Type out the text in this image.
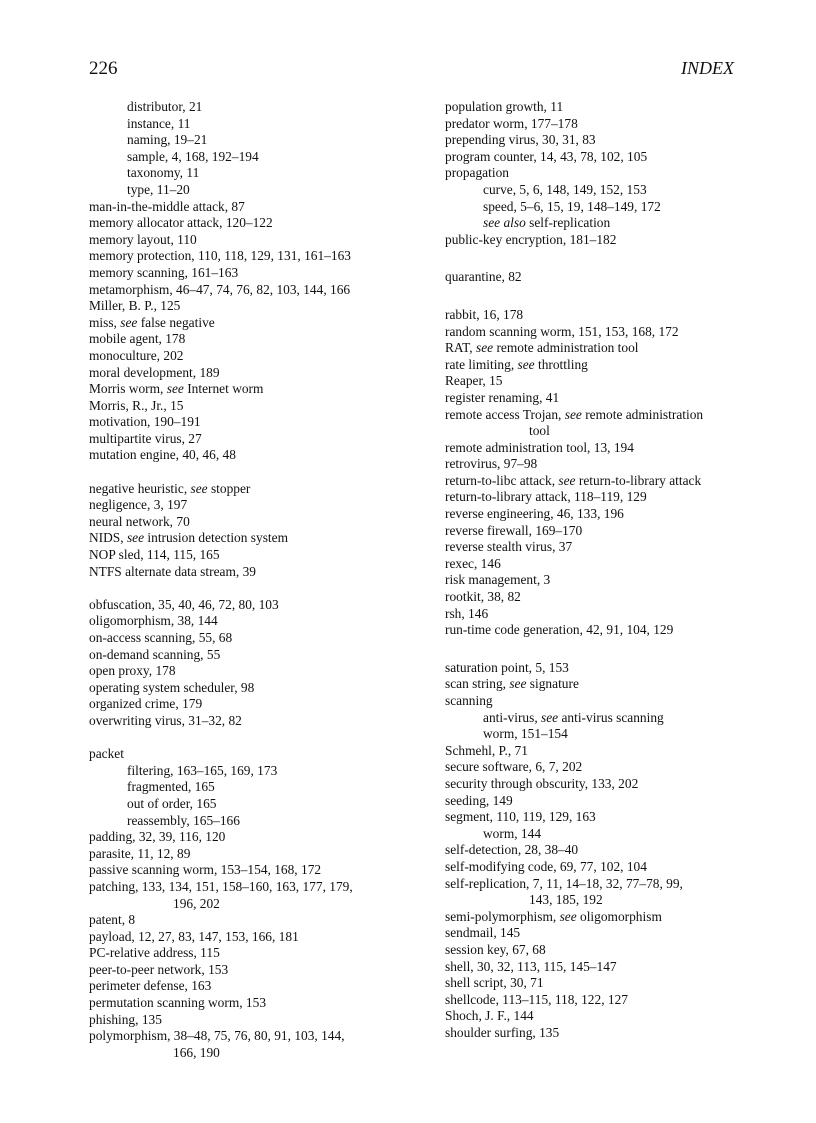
226	INDEX
distributor, 21
instance, 11
naming, 19–21
sample, 4, 168, 192–194
taxonomy, 11
type, 11–20
man-in-the-middle attack, 87
memory allocator attack, 120–122
memory layout, 110
memory protection, 110, 118, 129, 131, 161–163
memory scanning, 161–163
metamorphism, 46–47, 74, 76, 82, 103, 144, 166
Miller, B. P., 125
miss, see false negative
mobile agent, 178
monoculture, 202
moral development, 189
Morris worm, see Internet worm
Morris, R., Jr., 15
motivation, 190–191
multipartite virus, 27
mutation engine, 40, 46, 48
negative heuristic, see stopper
negligence, 3, 197
neural network, 70
NIDS, see intrusion detection system
NOP sled, 114, 115, 165
NTFS alternate data stream, 39
obfuscation, 35, 40, 46, 72, 80, 103
oligomorphism, 38, 144
on-access scanning, 55, 68
on-demand scanning, 55
open proxy, 178
operating system scheduler, 98
organized crime, 179
overwriting virus, 31–32, 82
packet
filtering, 163–165, 169, 173
fragmented, 165
out of order, 165
reassembly, 165–166
padding, 32, 39, 116, 120
parasite, 11, 12, 89
passive scanning worm, 153–154, 168, 172
patching, 133, 134, 151, 158–160, 163, 177, 179,
196, 202
patent, 8
payload, 12, 27, 83, 147, 153, 166, 181
PC-relative address, 115
peer-to-peer network, 153
perimeter defense, 163
permutation scanning worm, 153
phishing, 135
polymorphism, 38–48, 75, 76, 80, 91, 103, 144,
166, 190
population growth, 11
predator worm, 177–178
prepending virus, 30, 31, 83
program counter, 14, 43, 78, 102, 105
propagation
curve, 5, 6, 148, 149, 152, 153
speed, 5–6, 15, 19, 148–149, 172
see also self-replication
public-key encryption, 181–182
quarantine, 82
rabbit, 16, 178
random scanning worm, 151, 153, 168, 172
RAT, see remote administration tool
rate limiting, see throttling
Reaper, 15
register renaming, 41
remote access Trojan, see remote administration
tool
remote administration tool, 13, 194
retrovirus, 97–98
return-to-libc attack, see return-to-library attack
return-to-library attack, 118–119, 129
reverse engineering, 46, 133, 196
reverse firewall, 169–170
reverse stealth virus, 37
rexec, 146
risk management, 3
rootkit, 38, 82
rsh, 146
run-time code generation, 42, 91, 104, 129
saturation point, 5, 153
scan string, see signature
scanning
anti-virus, see anti-virus scanning
worm, 151–154
Schmehl, P., 71
secure software, 6, 7, 202
security through obscurity, 133, 202
seeding, 149
segment, 110, 119, 129, 163
worm, 144
self-detection, 28, 38–40
self-modifying code, 69, 77, 102, 104
self-replication, 7, 11, 14–18, 32, 77–78, 99,
143, 185, 192
semi-polymorphism, see oligomorphism
sendmail, 145
session key, 67, 68
shell, 30, 32, 113, 115, 145–147
shell script, 30, 71
shellcode, 113–115, 118, 122, 127
Shoch, J. F., 144
shoulder surfing, 135
